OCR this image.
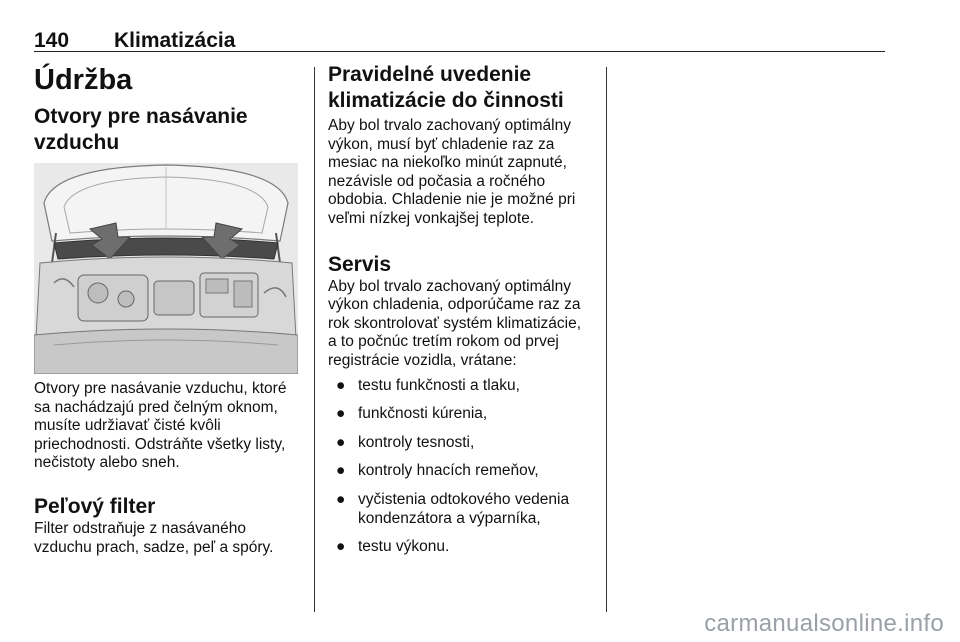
140 Klimatizácia
Údržba
Otvory pre nasávanie
vzduchu

Otvory pre nasávanie vzduchu, ktoré
sa nachádzajú pred čelným oknom,
musíte udržiavať čisté kvôli
priechodnosti. Odstráňte všetky listy,
nečistoty alebo sneh.

Peľový filter

Filter odstraňuje z nasávaného
vzduchu prach, sadze, peľ a spóry.

Pravidelné uvedenie
klimatizácie do činnosti

Aby bol trvalo zachovaný optimálny
výkon, musí byť chladenie raz za
mesiac na niekoľko minút zapnuté,
nezávisle od počasia a ročného
obdobia. Chladenie nie je možné pri
veľmi nízkej vonkajšej teplote.

Servis

Aby bol trvalo zachovaný optimálny
výkon chladenia, odporúčame raz za
rok skontrolovať systém klimatizácie,
a to počnúc tretím rokom od prvej
registrácie vozidla, vrátane:

● testu funkčnosti a tlaku,
● funkčnosti kúrenia,
● kontroly tesnosti,
● kontroly hnacích remeňov,
● vyčistenia odtokového vedenia
kondenzátora a výparníka,
● testu výkonu.
carmanualsonline.info
